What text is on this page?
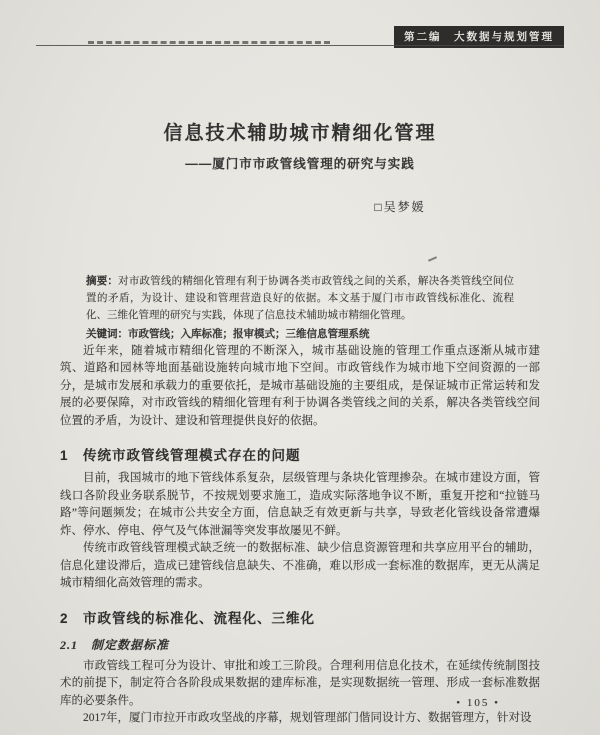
第二编　大数据与规划管理
信息技术辅助城市精细化管理
——厦门市市政管线管理的研究与实践
□吴梦媛
摘要：对市政管线的精细化管理有利于协调各类市政管线之间的关系，解决各类管线空间位置的矛盾，为设计、建设和管理营造良好的依据。本文基于厦门市市政管线标准化、流程化、三维化管理的研究与实践，体现了信息技术辅助城市精细化管理。
关键词：市政管线；入库标准；报审模式；三维信息管理系统

近年来，随着城市精细化管理的不断深入，城市基础设施的管理工作重点逐渐从城市建筑、道路和园林等地面基础设施转向城市地下空间。市政管线作为城市地下空间资源的一部分，是城市发展和承载力的重要依托，是城市基础设施的主要组成，是保证城市正常运转和发展的必要保障，对市政管线的精细化管理有利于协调各类管线之间的关系，解决各类管线空间位置的矛盾，为设计、建设和管理提供良好的依据。

1　传统市政管线管理模式存在的问题

目前，我国城市的地下管线体系复杂，层级管理与条块化管理掺杂。在城市建设方面，管线口各阶段业务联系脱节，不按规划要求施工，造成实际落地争议不断，重复开挖和“拉链马路”等问题频发；在城市公共安全方面，信息缺乏有效更新与共享，导致老化管线设备常遭爆炸、停水、停电、停气及气体泄漏等突发事故屡见不鲜。

传统市政管线管理模式缺乏统一的数据标准、缺少信息资源管理和共享应用平台的辅助，信息化建设滞后，造成已建管线信息缺失、不准确，难以形成一套标准的数据库，更无从满足城市精细化高效管理的需求。

2　市政管线的标准化、流程化、三维化
2.1　制定数据标准

市政管线工程可分为设计、审批和竣工三阶段。合理利用信息化技术，在延续传统制图技术的前提下，制定符合各阶段成果数据的建库标准，是实现数据统一管理、形成一套标准数据库的必要条件。

2017年，厦门市拉开市政攻坚战的序幕，规划管理部门偕同设计方、数据管理方，针对设

• 105 •
